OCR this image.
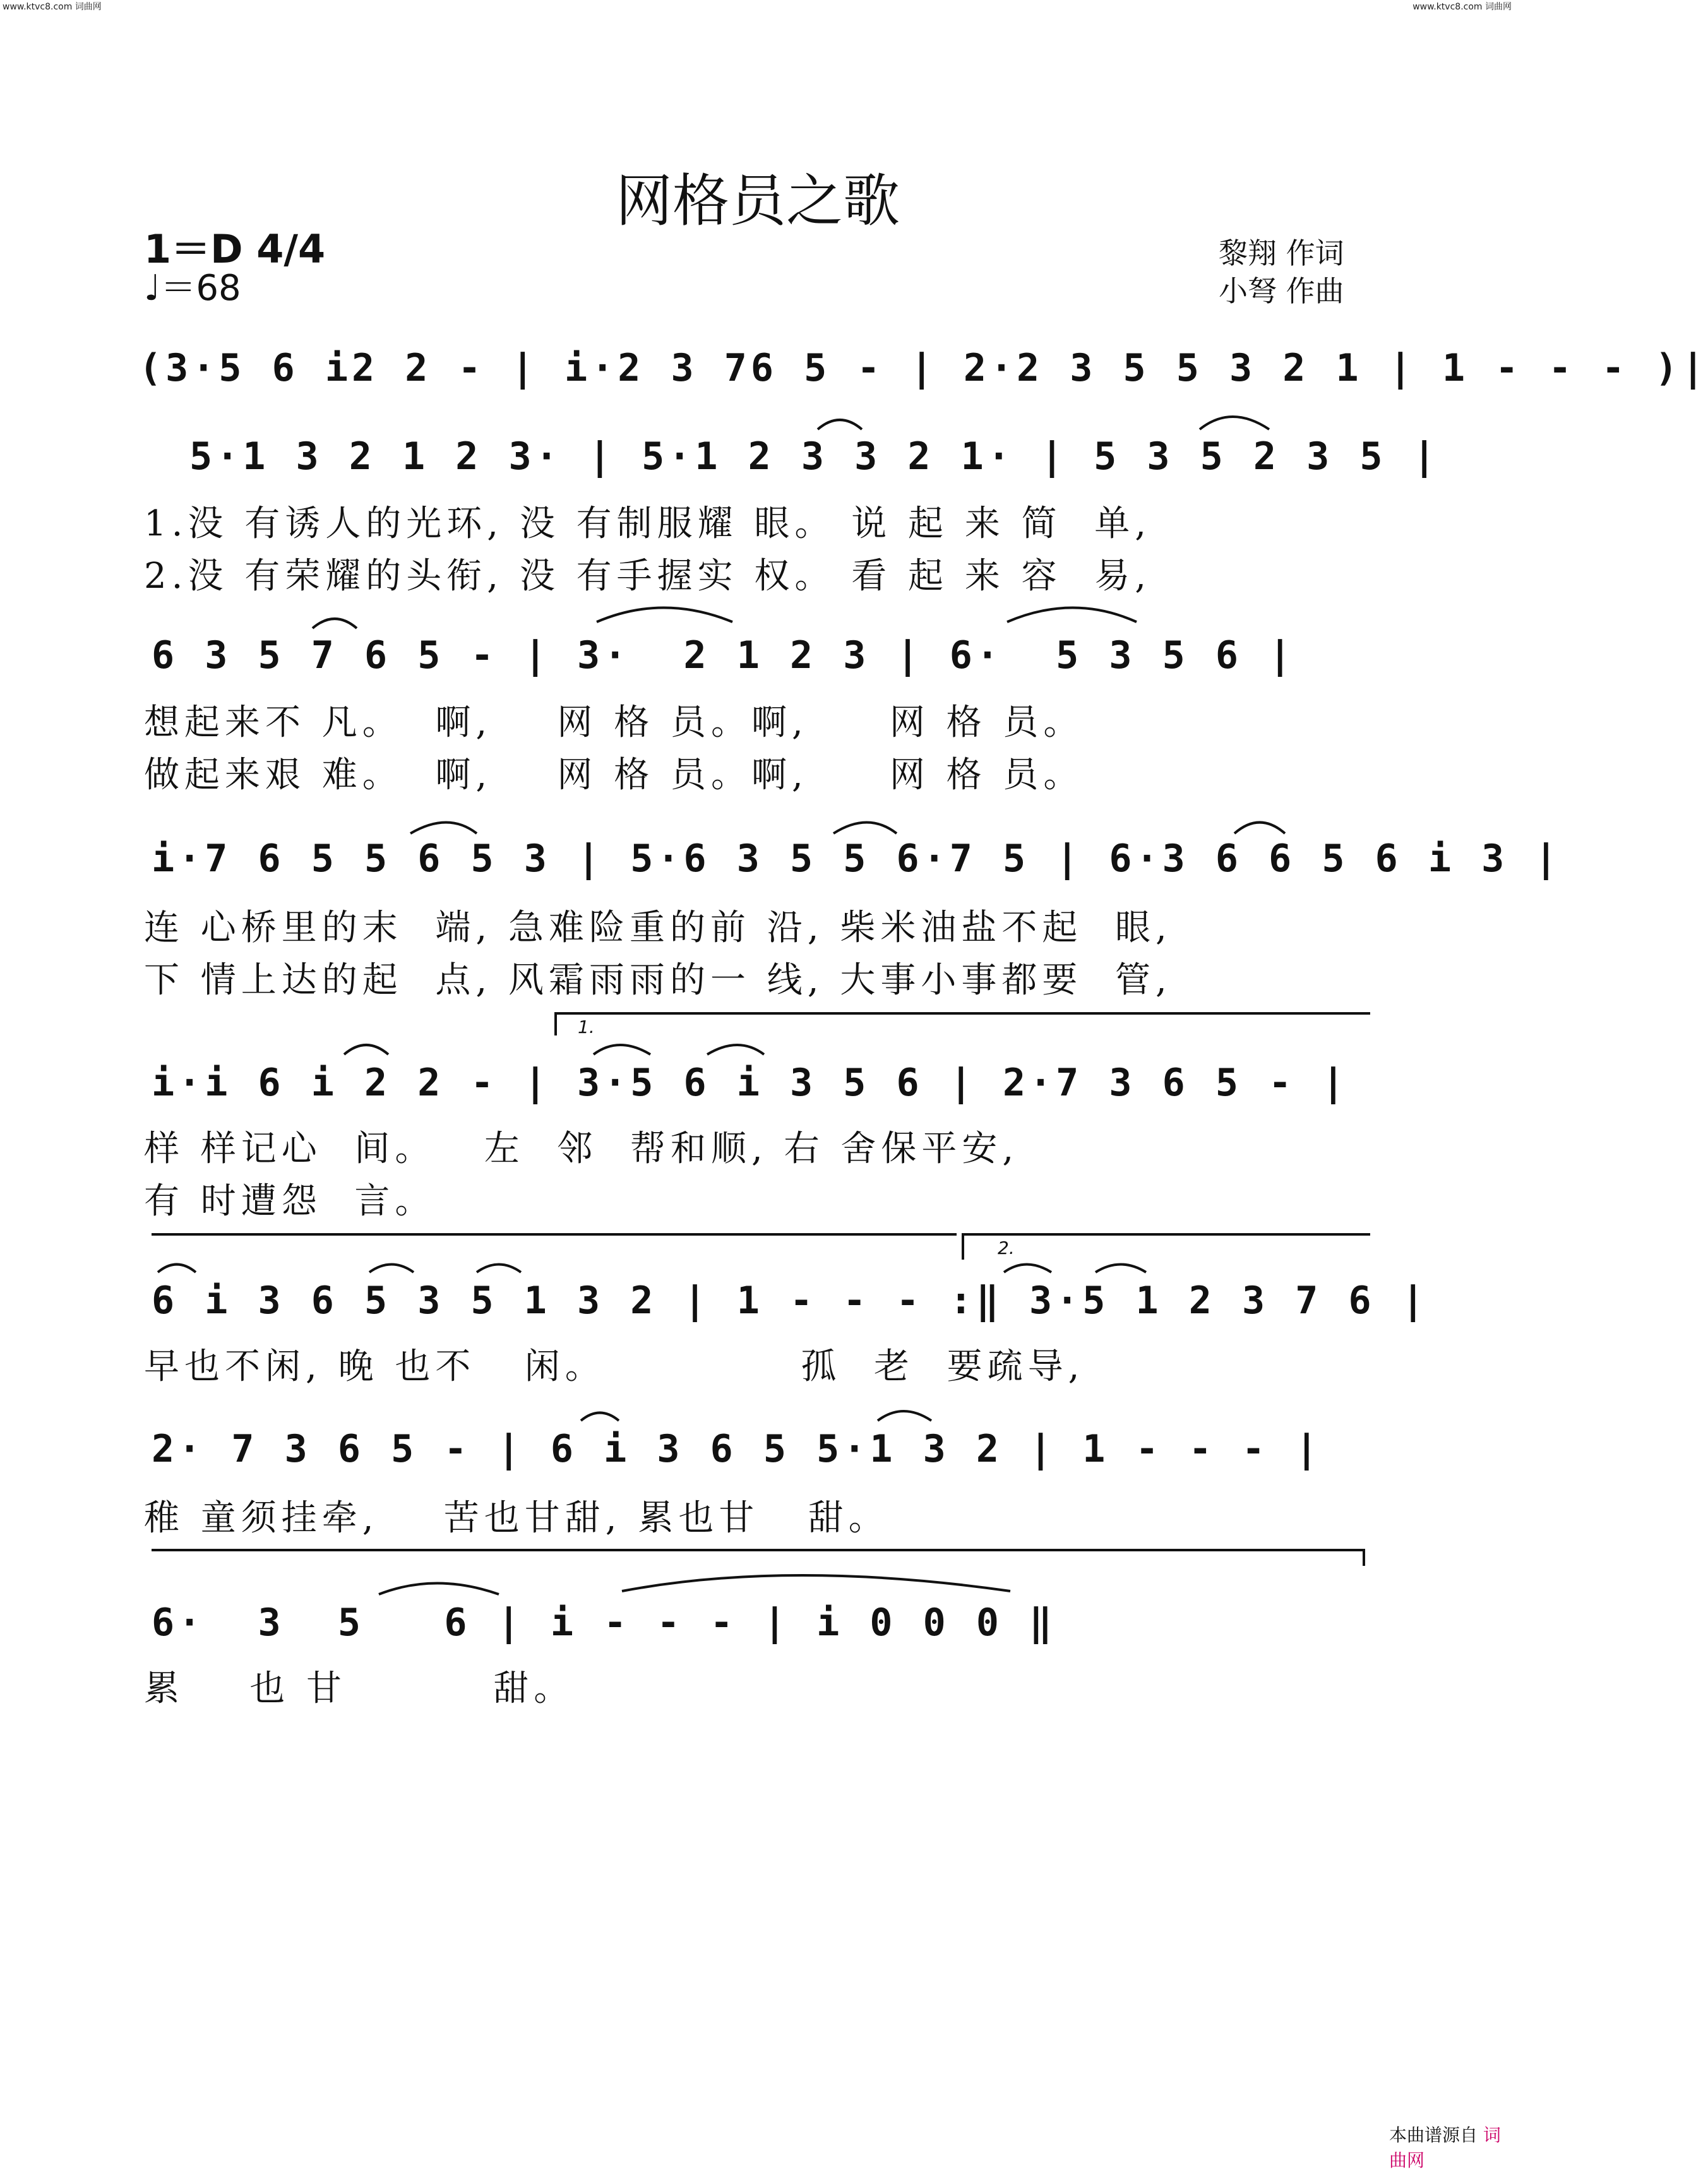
www.ktvc8.com 词曲网	www.ktvc8.com 词曲网
网格员之歌
1＝D 4/4
♩＝68
黎翔 作词
小弩 作曲
(3·5 6 i2 2 - | i·2 3 76 5 - | 2·2 3 5 5 3 2 1 | 1 - - - )|
5·1 3 2 1 2 3· | 5·1 2 3 3 2 1· | 5 3 5 2 3 5 |
1.没 有诱人的光环, 没 有制服耀 眼。 说 起 来 简  单,
2.没 有荣耀的头衔, 没 有手握实 权。 看 起 来 容  易,
6 3 5 7 6 5 - | 3·  2 1 2 3 | 6·  5 3 5 6 |
想起来不 凡。  啊,    网 格 员。啊,     网 格 员。
做起来艰 难。  啊,    网 格 员。啊,     网 格 员。
i·7 6 5 5 6 5 3 | 5·6 3 5 5 6·7 5 | 6·3 6 6 5 6 i 3 |
连 心桥里的末  端, 急难险重的前 沿, 柴米油盐不起  眼,
下 情上达的起  点, 风霜雨雨的一 线, 大事小事都要  管,
1.
i·i 6 i 2 2 - | 3·5 6 i 3 5 6 | 2·7 3 6 5 - |
样 样记心  间。   左  邻  帮和顺, 右 舍保平安,
有 时遭怨  言。
2.
6 i 3 6 5 3 5 1 3 2 | 1 - - - :‖ 3·5 1 2 3 7 6 |
早也不闲, 晚 也不   闲。            孤  老  要疏导,
2· 7 3 6 5 - | 6 i 3 6 5 5·1 3 2 | 1 - - - |
稚 童须挂牵,    苦也甘甜, 累也甘   甜。
6·  3  5   6 | i - - - | i 0 0 0 ‖
累    也 甘         甜。
本曲谱源自 词曲网
